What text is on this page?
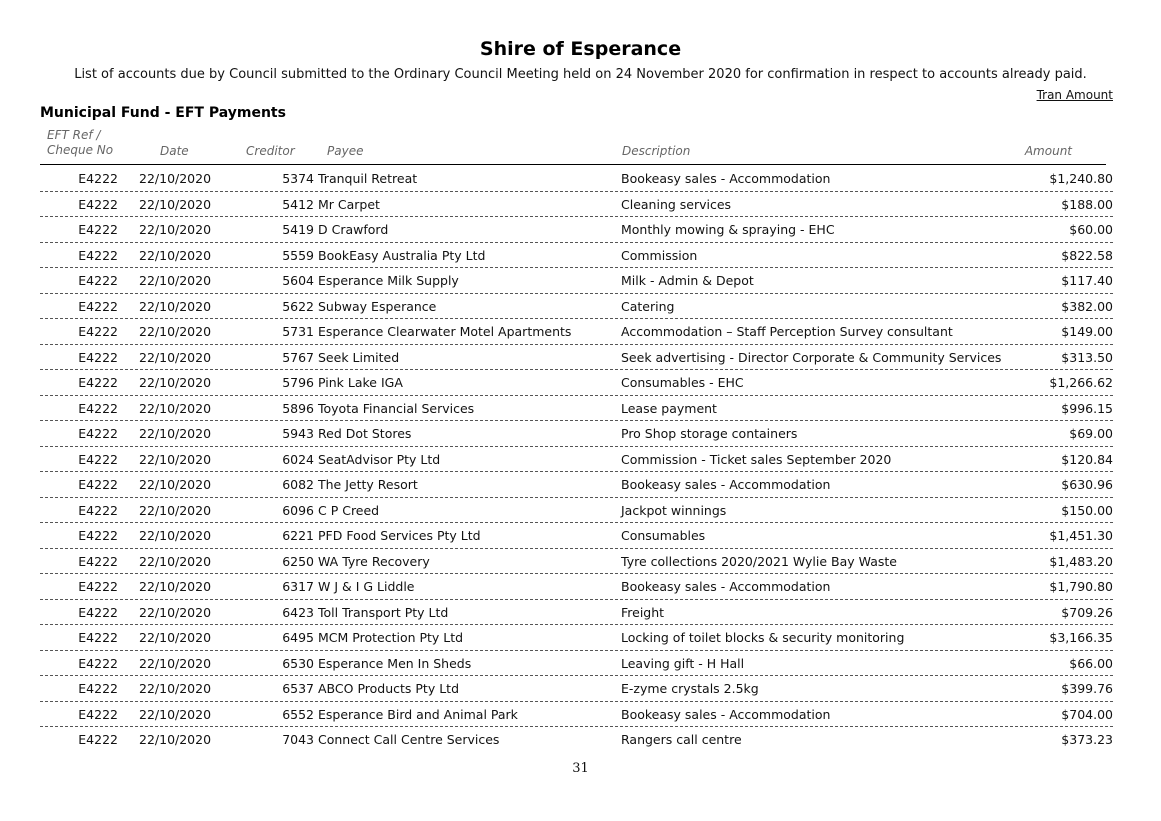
Shire of Esperance
List of accounts due by Council submitted to the Ordinary Council Meeting held on 24 November 2020 for confirmation in respect to accounts already paid.
Tran Amount
Municipal Fund - EFT Payments
EFT Ref /
Cheque No	Date	Creditor	Payee	Description	Amount
E4222 22/10/2020	5374 Tranquil Retreat	Bookeasy sales - Accommodation	$1,240.80
E4222 22/10/2020	5412 Mr Carpet	Cleaning services	$188.00
E4222 22/10/2020	5419 D Crawford	Monthly mowing & spraying - EHC	$60.00
E4222 22/10/2020	5559 BookEasy Australia Pty Ltd	Commission	$822.58
E4222 22/10/2020	5604 Esperance Milk Supply	Milk - Admin & Depot	$117.40
E4222 22/10/2020	5622 Subway Esperance	Catering	$382.00
E4222 22/10/2020	5731 Esperance Clearwater Motel Apartments	Accommodation – Staff Perception Survey consultant	$149.00
E4222 22/10/2020	5767 Seek Limited	Seek advertising - Director Corporate & Community Services	$313.50
E4222 22/10/2020	5796 Pink Lake IGA	Consumables - EHC	$1,266.62
E4222 22/10/2020	5896 Toyota Financial Services	Lease payment	$996.15
E4222 22/10/2020	5943 Red Dot Stores	Pro Shop storage containers	$69.00
E4222 22/10/2020	6024 SeatAdvisor Pty Ltd	Commission - Ticket sales September 2020	$120.84
E4222 22/10/2020	6082 The Jetty Resort	Bookeasy sales - Accommodation	$630.96
E4222 22/10/2020	6096 C P Creed	Jackpot winnings	$150.00
E4222 22/10/2020	6221 PFD Food Services Pty Ltd	Consumables	$1,451.30
E4222 22/10/2020	6250 WA Tyre Recovery	Tyre collections 2020/2021 Wylie Bay Waste	$1,483.20
E4222 22/10/2020	6317 W J & I G Liddle	Bookeasy sales - Accommodation	$1,790.80
E4222 22/10/2020	6423 Toll Transport Pty Ltd	Freight	$709.26
E4222 22/10/2020	6495 MCM Protection Pty Ltd	Locking of toilet blocks & security monitoring	$3,166.35
E4222 22/10/2020	6530 Esperance Men In Sheds	Leaving gift - H Hall	$66.00
E4222 22/10/2020	6537 ABCO Products Pty Ltd	E-zyme crystals 2.5kg	$399.76
E4222 22/10/2020	6552 Esperance Bird and Animal Park	Bookeasy sales - Accommodation	$704.00
E4222 22/10/2020	7043 Connect Call Centre Services	Rangers call centre	$373.23
31
